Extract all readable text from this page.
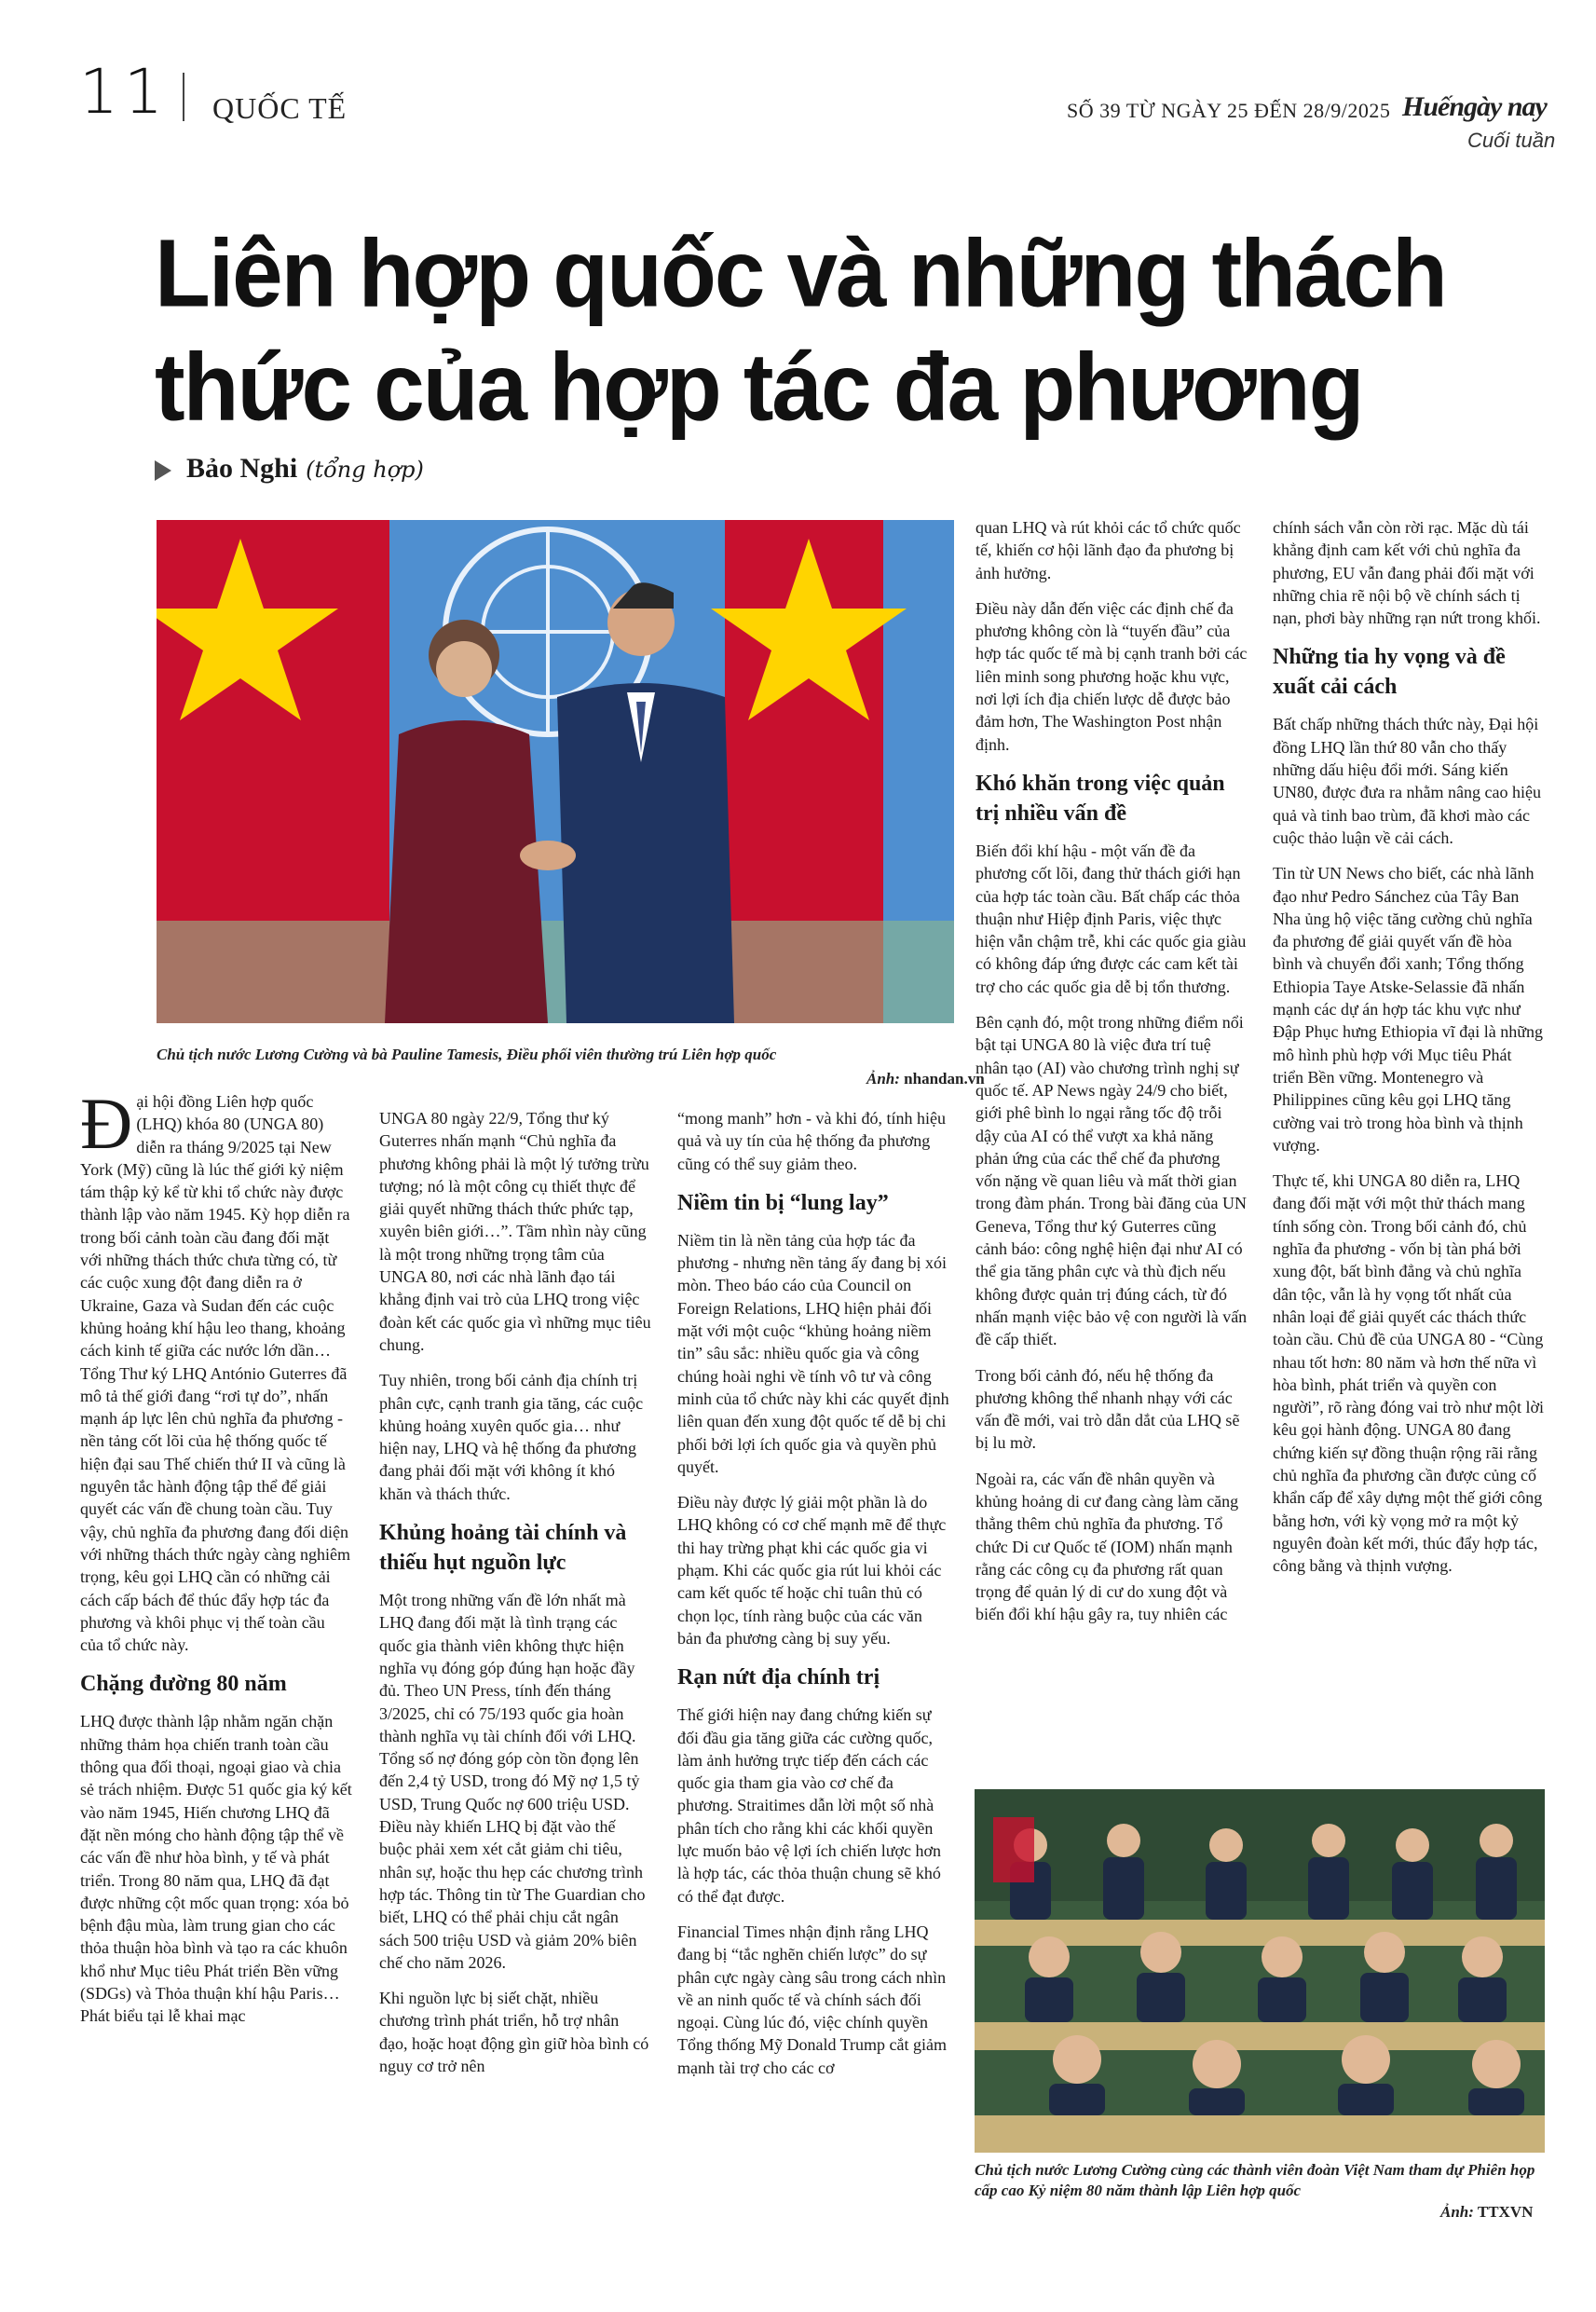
11 QUỐC TẾ	SỐ 39 TỪ NGÀY 25 ĐẾN 28/9/2025 Huếngày nay
Cuối tuần
Liên hợp quốc và những thách thức của hợp tác đa phương
Bảo Nghi (tổng hợp)
Chủ tịch nước Lương Cường và bà Pauline Tamesis, Điều phối viên thường trú Liên hợp quốc
Ảnh: nhandan.vn

Đại hội đồng Liên hợp quốc (LHQ) khóa 80 (UNGA 80) diễn ra tháng 9/2025 tại New York (Mỹ) cũng là lúc thế giới kỷ niệm tám thập kỷ kể từ khi tổ chức này được thành lập vào năm 1945. Kỳ họp diễn ra trong bối cảnh toàn cầu đang đối mặt với những thách thức chưa từng có, từ các cuộc xung đột đang diễn ra ở Ukraine, Gaza và Sudan đến các cuộc khủng hoảng khí hậu leo thang, khoảng cách kinh tế giữa các nước lớn dần… Tổng Thư ký LHQ António Guterres đã mô tả thế giới đang “rơi tự do”, nhấn mạnh áp lực lên chủ nghĩa đa phương - nền tảng cốt lõi của hệ thống quốc tế hiện đại sau Thế chiến thứ II và cũng là nguyên tắc hành động tập thể để giải quyết các vấn đề chung toàn cầu. Tuy vậy, chủ nghĩa đa phương đang đối diện với những thách thức ngày càng nghiêm trọng, kêu gọi LHQ cần có những cải cách cấp bách để thúc đẩy hợp tác đa phương và khôi phục vị thế toàn cầu của tổ chức này.

Chặng đường 80 năm

LHQ được thành lập nhằm ngăn chặn những thảm họa chiến tranh toàn cầu thông qua đối thoại, ngoại giao và chia sẻ trách nhiệm. Được 51 quốc gia ký kết vào năm 1945, Hiến chương LHQ đã đặt nền móng cho hành động tập thể về các vấn đề như hòa bình, y tế và phát triển. Trong 80 năm qua, LHQ đã đạt được những cột mốc quan trọng: xóa bỏ bệnh đậu mùa, làm trung gian cho các thỏa thuận hòa bình và tạo ra các khuôn khổ như Mục tiêu Phát triển Bền vững (SDGs) và Thỏa thuận khí hậu Paris… Phát biểu tại lễ khai mạc

UNGA 80 ngày 22/9, Tổng thư ký Guterres nhấn mạnh “Chủ nghĩa đa phương không phải là một lý tưởng trừu tượng; nó là một công cụ thiết thực để giải quyết những thách thức phức tạp, xuyên biên giới…”. Tầm nhìn này cũng là một trong những trọng tâm của UNGA 80, nơi các nhà lãnh đạo tái khẳng định vai trò của LHQ trong việc đoàn kết các quốc gia vì những mục tiêu chung.

Tuy nhiên, trong bối cảnh địa chính trị phân cực, cạnh tranh gia tăng, các cuộc khủng hoảng xuyên quốc gia… như hiện nay, LHQ và hệ thống đa phương đang phải đối mặt với không ít khó khăn và thách thức.

Khủng hoảng tài chính và thiếu hụt nguồn lực

Một trong những vấn đề lớn nhất mà LHQ đang đối mặt là tình trạng các quốc gia thành viên không thực hiện nghĩa vụ đóng góp đúng hạn hoặc đầy đủ. Theo UN Press, tính đến tháng 3/2025, chỉ có 75/193 quốc gia hoàn thành nghĩa vụ tài chính đối với LHQ. Tổng số nợ đóng góp còn tồn đọng lên đến 2,4 tỷ USD, trong đó Mỹ nợ 1,5 tỷ USD, Trung Quốc nợ 600 triệu USD. Điều này khiến LHQ bị đặt vào thế buộc phải xem xét cắt giảm chi tiêu, nhân sự, hoặc thu hẹp các chương trình hợp tác. Thông tin từ The Guardian cho biết, LHQ có thể phải chịu cắt ngân sách 500 triệu USD và giảm 20% biên chế cho năm 2026.

Khi nguồn lực bị siết chặt, nhiều chương trình phát triển, hỗ trợ nhân đạo, hoặc hoạt động gìn giữ hòa bình có nguy cơ trở nên

“mong manh” hơn - và khi đó, tính hiệu quả và uy tín của hệ thống đa phương cũng có thể suy giảm theo.

Niềm tin bị “lung lay”

Niềm tin là nền tảng của hợp tác đa phương - nhưng nền tảng ấy đang bị xói mòn. Theo báo cáo của Council on Foreign Relations, LHQ hiện phải đối mặt với một cuộc “khủng hoảng niềm tin” sâu sắc: nhiều quốc gia và công chúng hoài nghi về tính vô tư và công minh của tổ chức này khi các quyết định liên quan đến xung đột quốc tế dễ bị chi phối bởi lợi ích quốc gia và quyền phủ quyết.

Điều này được lý giải một phần là do LHQ không có cơ chế mạnh mẽ để thực thi hay trừng phạt khi các quốc gia vi phạm. Khi các quốc gia rút lui khỏi các cam kết quốc tế hoặc chỉ tuân thủ có chọn lọc, tính ràng buộc của các văn bản đa phương càng bị suy yếu.

Rạn nứt địa chính trị

Thế giới hiện nay đang chứng kiến sự đối đầu gia tăng giữa các cường quốc, làm ảnh hưởng trực tiếp đến cách các quốc gia tham gia vào cơ chế đa phương. Straitimes dẫn lời một số nhà phân tích cho rằng khi các khối quyền lực muốn bảo vệ lợi ích chiến lược hơn là hợp tác, các thỏa thuận chung sẽ khó có thể đạt được.

Financial Times nhận định rằng LHQ đang bị “tắc nghẽn chiến lược” do sự phân cực ngày càng sâu trong cách nhìn về an ninh quốc tế và chính sách đối ngoại. Cùng lúc đó, việc chính quyền Tổng thống Mỹ Donald Trump cắt giảm mạnh tài trợ cho các cơ

quan LHQ và rút khỏi các tổ chức quốc tế, khiến cơ hội lãnh đạo đa phương bị ảnh hưởng.

Điều này dẫn đến việc các định chế đa phương không còn là “tuyến đầu” của hợp tác quốc tế mà bị cạnh tranh bởi các liên minh song phương hoặc khu vực, nơi lợi ích địa chiến lược dễ được bảo đảm hơn, The Washington Post nhận định.

Khó khăn trong việc quản trị nhiều vấn đề

Biến đổi khí hậu - một vấn đề đa phương cốt lõi, đang thử thách giới hạn của hợp tác toàn cầu. Bất chấp các thỏa thuận như Hiệp định Paris, việc thực hiện vẫn chậm trễ, khi các quốc gia giàu có không đáp ứng được các cam kết tài trợ cho các quốc gia dễ bị tổn thương.

Bên cạnh đó, một trong những điểm nổi bật tại UNGA 80 là việc đưa trí tuệ nhân tạo (AI) vào chương trình nghị sự quốc tế. AP News ngày 24/9 cho biết, giới phê bình lo ngại rằng tốc độ trỗi dậy của AI có thể vượt xa khả năng phản ứng của các thể chế đa phương vốn nặng về quan liêu và mất thời gian trong đàm phán. Trong bài đăng của UN Geneva, Tổng thư ký Guterres cũng cảnh báo: công nghệ hiện đại như AI có thể gia tăng phân cực và thù địch nếu không được quản trị đúng cách, từ đó nhấn mạnh việc bảo vệ con người là vấn đề cấp thiết.

Trong bối cảnh đó, nếu hệ thống đa phương không thể nhanh nhạy với các vấn đề mới, vai trò dẫn dắt của LHQ sẽ bị lu mờ.

Ngoài ra, các vấn đề nhân quyền và khủng hoảng di cư đang càng làm căng thẳng thêm chủ nghĩa đa phương. Tổ chức Di cư Quốc tế (IOM) nhấn mạnh rằng các công cụ đa phương rất quan trọng để quản lý di cư do xung đột và biến đổi khí hậu gây ra, tuy nhiên các

chính sách vẫn còn rời rạc. Mặc dù tái khẳng định cam kết với chủ nghĩa đa phương, EU vẫn đang phải đối mặt với những chia rẽ nội bộ về chính sách tị nạn, phơi bày những rạn nứt trong khối.

Những tia hy vọng và đề xuất cải cách

Bất chấp những thách thức này, Đại hội đồng LHQ lần thứ 80 vẫn cho thấy những dấu hiệu đổi mới. Sáng kiến UN80, được đưa ra nhằm nâng cao hiệu quả và tinh bao trùm, đã khơi mào các cuộc thảo luận về cải cách.

Tin từ UN News cho biết, các nhà lãnh đạo như Pedro Sánchez của Tây Ban Nha ủng hộ việc tăng cường chủ nghĩa đa phương để giải quyết vấn đề hòa bình và chuyển đổi xanh; Tổng thống Ethiopia Taye Atske-Selassie đã nhấn mạnh các dự án hợp tác khu vực như Đập Phục hưng Ethiopia vĩ đại là những mô hình phù hợp với Mục tiêu Phát triển Bền vững. Montenegro và Philippines cũng kêu gọi LHQ tăng cường vai trò trong hòa bình và thịnh vượng.

Thực tế, khi UNGA 80 diễn ra, LHQ đang đối mặt với một thử thách mang tính sống còn. Trong bối cảnh đó, chủ nghĩa đa phương - vốn bị tàn phá bởi xung đột, bất bình đẳng và chủ nghĩa dân tộc, vẫn là hy vọng tốt nhất của nhân loại để giải quyết các thách thức toàn cầu. Chủ đề của UNGA 80 - “Cùng nhau tốt hơn: 80 năm và hơn thế nữa vì hòa bình, phát triển và quyền con người”, rõ ràng đóng vai trò như một lời kêu gọi hành động. UNGA 80 đang chứng kiến sự đồng thuận rộng rãi rằng chủ nghĩa đa phương cần được củng cố khẩn cấp để xây dựng một thế giới công bằng hơn, với kỳ vọng mở ra một kỷ nguyên đoàn kết mới, thúc đẩy hợp tác, công bằng và thịnh vượng.

Chủ tịch nước Lương Cường cùng các thành viên đoàn Việt Nam tham dự Phiên họp cấp cao Kỷ niệm 80 năm thành lập Liên hợp quốc
Ảnh: TTXVN
